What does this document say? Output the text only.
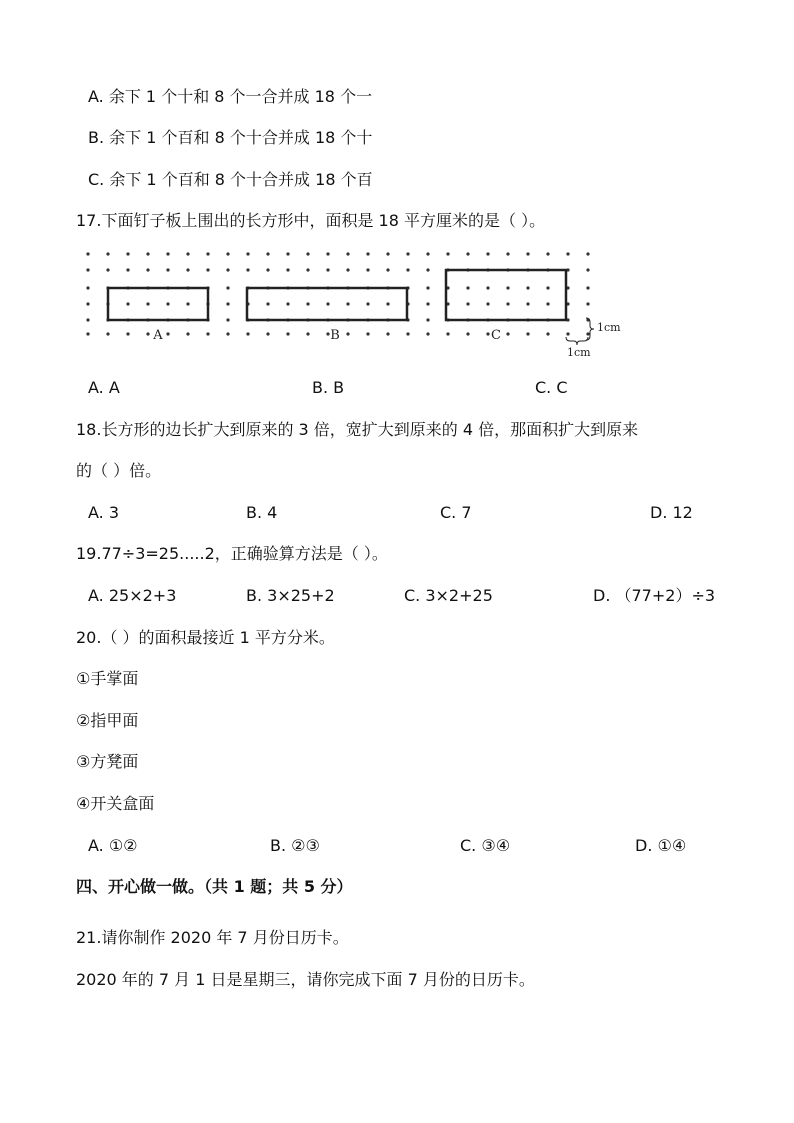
A. 余下 1 个十和 8 个一合并成 18 个一
B. 余下 1 个百和 8 个十合并成 18 个十
C. 余下 1 个百和 8 个十合并成 18 个百
17.下面钉子板上围出的长方形中，面积是 18 平方厘米的是（ ）。
A	B	C
1cm
1cm
A. A	B. B	C. C
18.长方形的边长扩大到原来的 3 倍，宽扩大到原来的 4 倍，那面积扩大到原来
的（ ）倍。
A. 3	B. 4	C. 7	D. 12
19.77÷3=25.....2，正确验算方法是（ ）。
A. 25×2+3	B. 3×25+2	C. 3×2+25	D. （77+2）÷3
20.（ ）的面积最接近 1 平方分米。
①手掌面
②指甲面
③方凳面
④开关盒面
A. ①②	B. ②③	C. ③④	D. ①④
四、开心做一做。（共 1 题；共 5 分）
21.请你制作 2020 年 7 月份日历卡。
2020 年的 7 月 1 日是星期三，请你完成下面 7 月份的日历卡。
